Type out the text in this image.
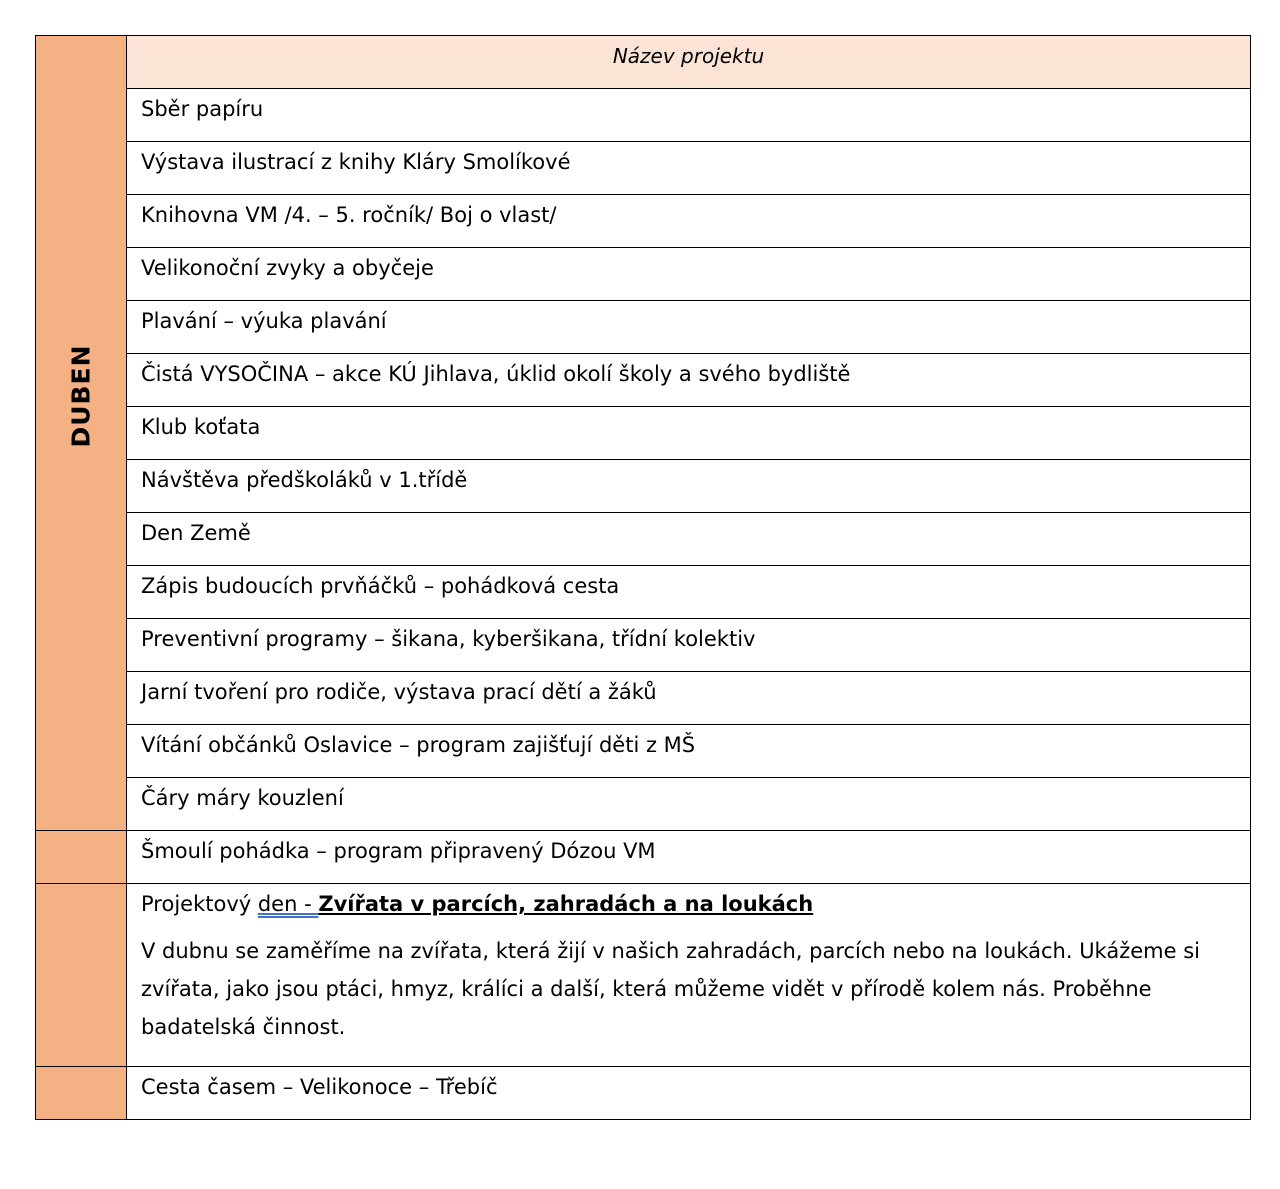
DUBEN	Název projektu

	Sběr papíru

	Výstava ilustrací z knihy Kláry Smolíkové

	Knihovna VM /4. – 5. ročník/ Boj o vlast/

	Velikonoční zvyky a obyčeje

	Plavání – výuka plavání

	Čistá VYSOČINA – akce KÚ Jihlava, úklid okolí školy a svého bydliště

	Klub koťata

	Návštěva předškoláků v 1.třídě

	Den Země

	Zápis budoucích prvňáčků – pohádková cesta

	Preventivní programy – šikana, kyberšikana, třídní kolektiv

	Jarní tvoření pro rodiče, výstava prací dětí a žáků

	Vítání občánků Oslavice – program zajišťují děti z MŠ

	Čáry máry kouzlení

	Šmoulí pohádka – program připravený Dózou VM

	Projektový den - Zvířata v parcích, zahradách a na loukách
V dubnu se zaměříme na zvířata, která žijí v našich zahradách, parcích nebo na loukách. Ukážeme si zvířata, jako jsou ptáci, hmyz, králíci a další, která můžeme vidět v přírodě kolem nás. Proběhne badatelská činnost.

	Cesta časem – Velikonoce – Třebíč
